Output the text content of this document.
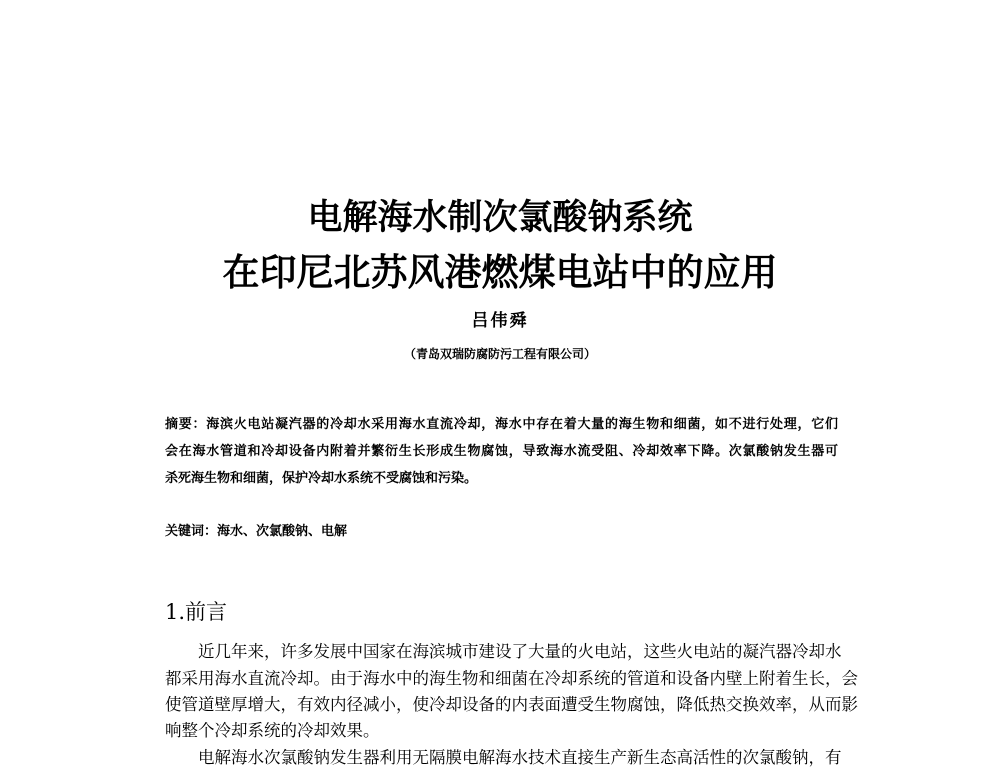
电解海水制次氯酸钠系统
在印尼北苏风港燃煤电站中的应用
吕伟舜
（青岛双瑞防腐防污工程有限公司）
摘要：海滨火电站凝汽器的冷却水采用海水直流冷却，海水中存在着大量的海生物和细菌，如不进行处理，它们
会在海水管道和冷却设备内附着并繁衍生长形成生物腐蚀，导致海水流受阻、冷却效率下降。次氯酸钠发生器可
杀死海生物和细菌，保护冷却水系统不受腐蚀和污染。
关键词：海水、次氯酸钠、电解
1.前言
近几年来，许多发展中国家在海滨城市建设了大量的火电站，这些火电站的凝汽器冷却水
都采用海水直流冷却。由于海水中的海生物和细菌在冷却系统的管道和设备内壁上附着生长，会
使管道壁厚增大，有效内径减小，使冷却设备的内表面遭受生物腐蚀，降低热交换效率，从而影
响整个冷却系统的冷却效果。
电解海水次氯酸钠发生器利用无隔膜电解海水技术直接生产新生态高活性的次氯酸钠，有
